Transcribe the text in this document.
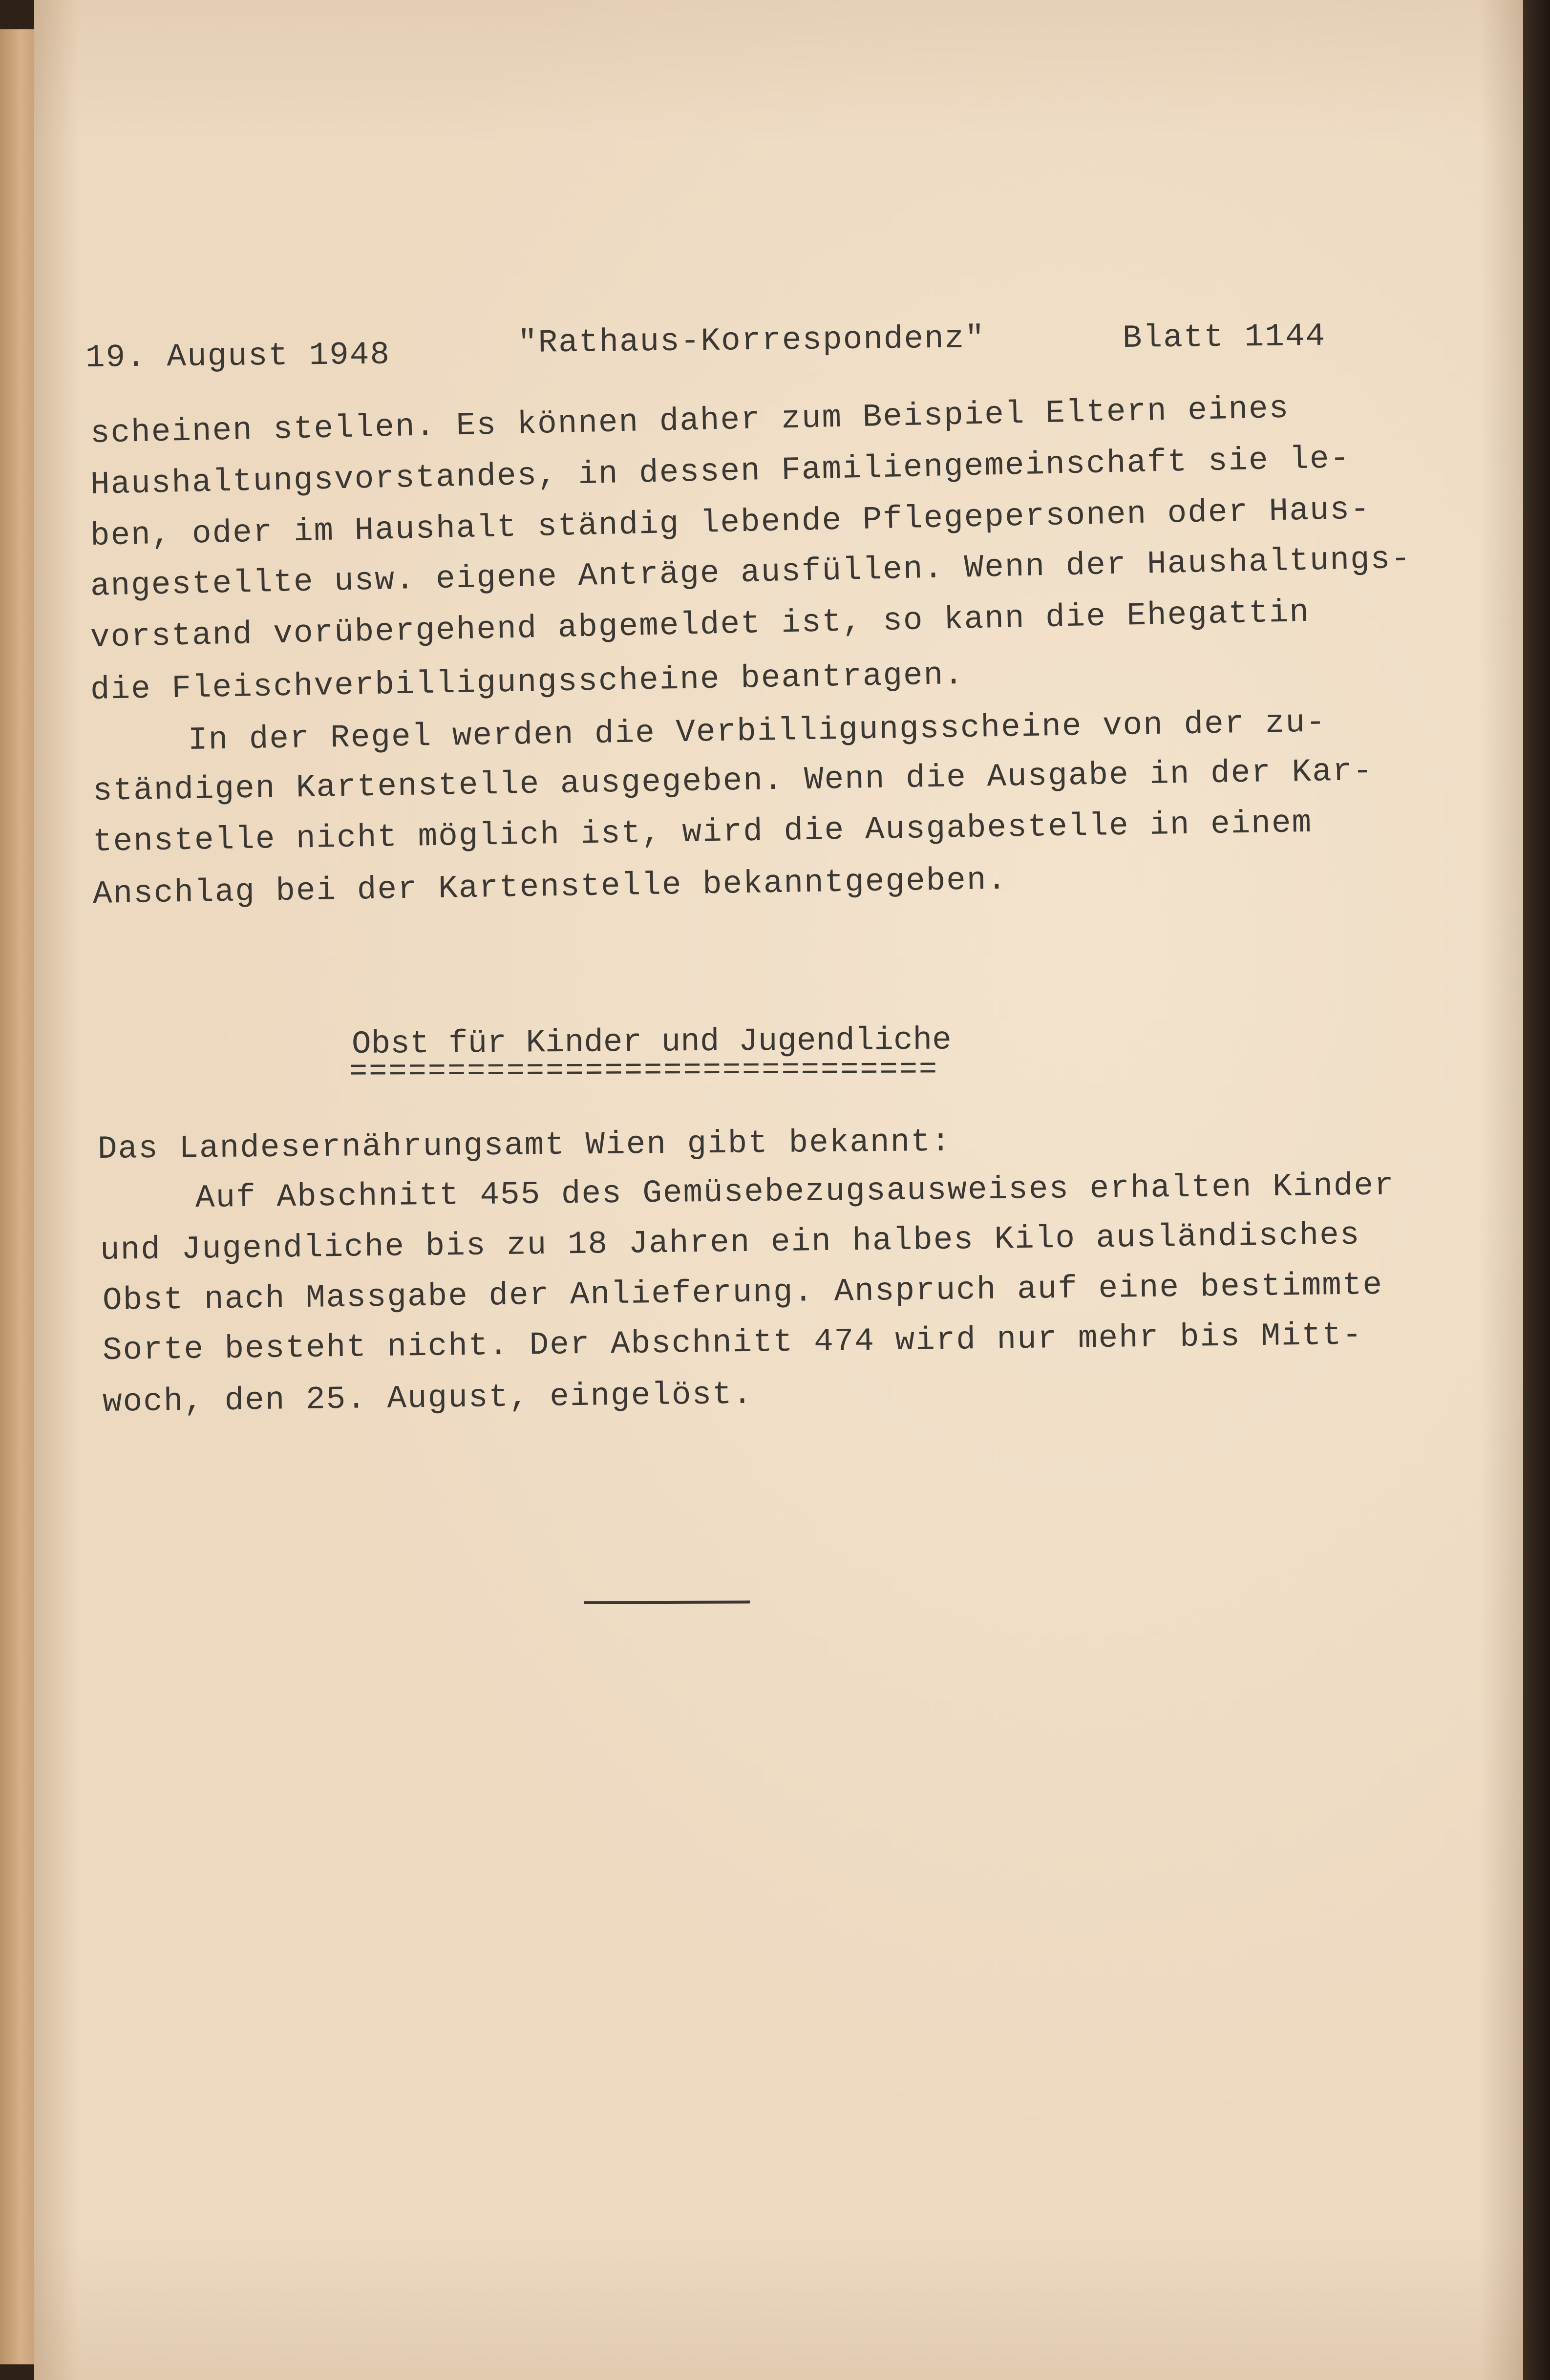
19. August 1948	"Rathaus-Korrespondenz"	Blatt 1144
scheinen stellen. Es können daher zum Beispiel Eltern eines
Haushaltungsvorstandes, in dessen Familiengemeinschaft sie le-
ben, oder im Haushalt ständig lebende Pflegepersonen oder Haus-
angestellte usw. eigene Anträge ausfüllen. Wenn der Haushaltungs-
vorstand vorübergehend abgemeldet ist, so kann die Ehegattin
die Fleischverbilligungsscheine beantragen.
In der Regel werden die Verbilligungsscheine von der zu-
ständigen Kartenstelle ausgegeben. Wenn die Ausgabe in der Kar-
tenstelle nicht möglich ist, wird die Ausgabestelle in einem
Anschlag bei der Kartenstelle bekanntgegeben.
Obst für Kinder und Jugendliche
==============================
Das Landesernährungsamt Wien gibt bekannt:
Auf Abschnitt 455 des Gemüsebezugsausweises erhalten Kinder
und Jugendliche bis zu 18 Jahren ein halbes Kilo ausländisches
Obst nach Massgabe der Anlieferung. Anspruch auf eine bestimmte
Sorte besteht nicht. Der Abschnitt 474 wird nur mehr bis Mitt-
woch, den 25. August, eingelöst.
